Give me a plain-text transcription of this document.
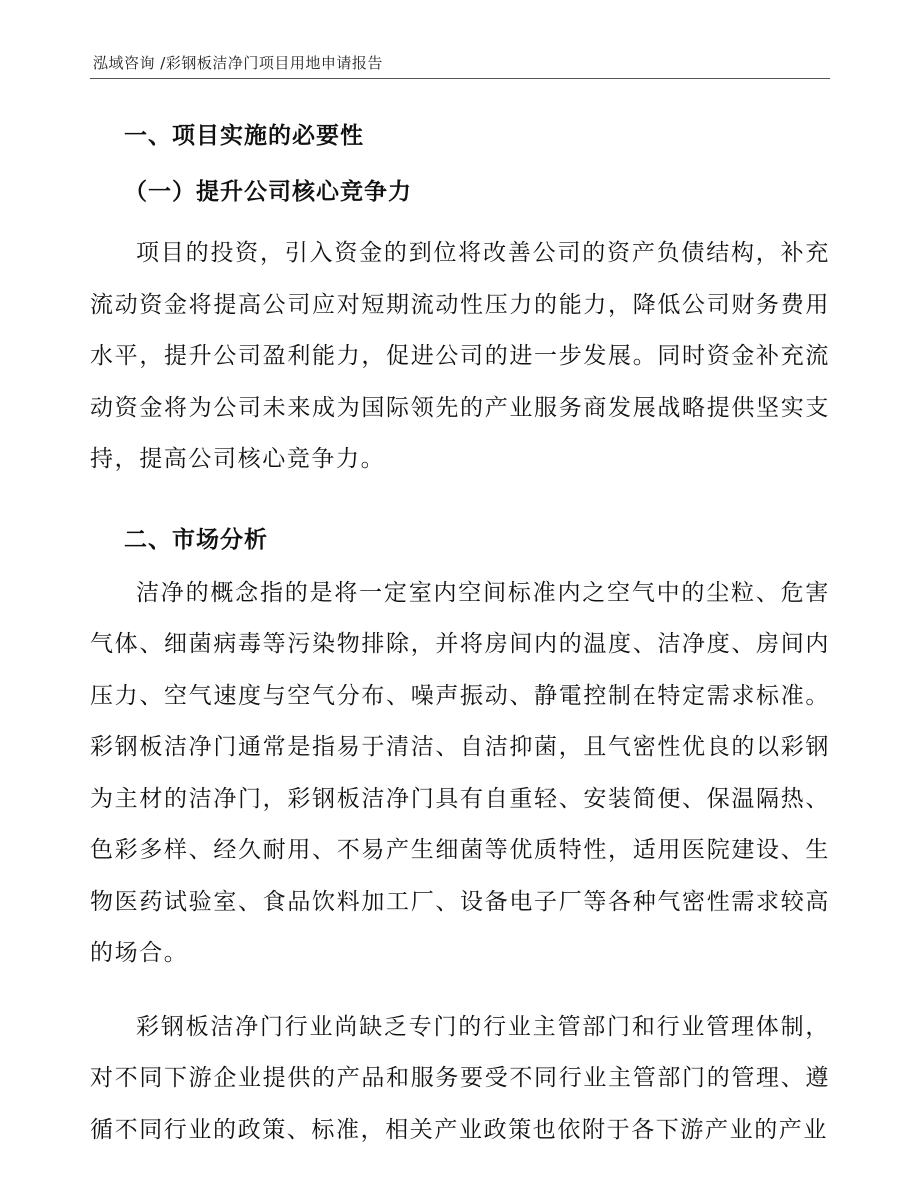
泓域咨询 /彩钢板洁净门项目用地申请报告
一、项目实施的必要性
（一）提升公司核心竞争力

项目的投资，引入资金的到位将改善公司的资产负债结构，补充流动资金将提高公司应对短期流动性压力的能力，降低公司财务费用水平，提升公司盈利能力，促进公司的进一步发展。同时资金补充流动资金将为公司未来成为国际领先的产业服务商发展战略提供坚实支持，提高公司核心竞争力。

二、市场分析

洁净的概念指的是将一定室内空间标准内之空气中的尘粒、危害气体、细菌病毒等污染物排除，并将房间内的温度、洁净度、房间内压力、空气速度与空气分布、噪声振动、静電控制在特定需求标准。彩钢板洁净门通常是指易于清洁、自洁抑菌，且气密性优良的以彩钢为主材的洁净门，彩钢板洁净门具有自重轻、安装简便、保温隔热、色彩多样、经久耐用、不易产生细菌等优质特性，适用医院建设、生物医药试验室、食品饮料加工厂、设备电子厂等各种气密性需求较高的场合。

彩钢板洁净门行业尚缺乏专门的行业主管部门和行业管理体制，对不同下游企业提供的产品和服务要受不同行业主管部门的管理、遵循不同行业的政策、标准，相关产业政策也依附于各下游产业的产业
